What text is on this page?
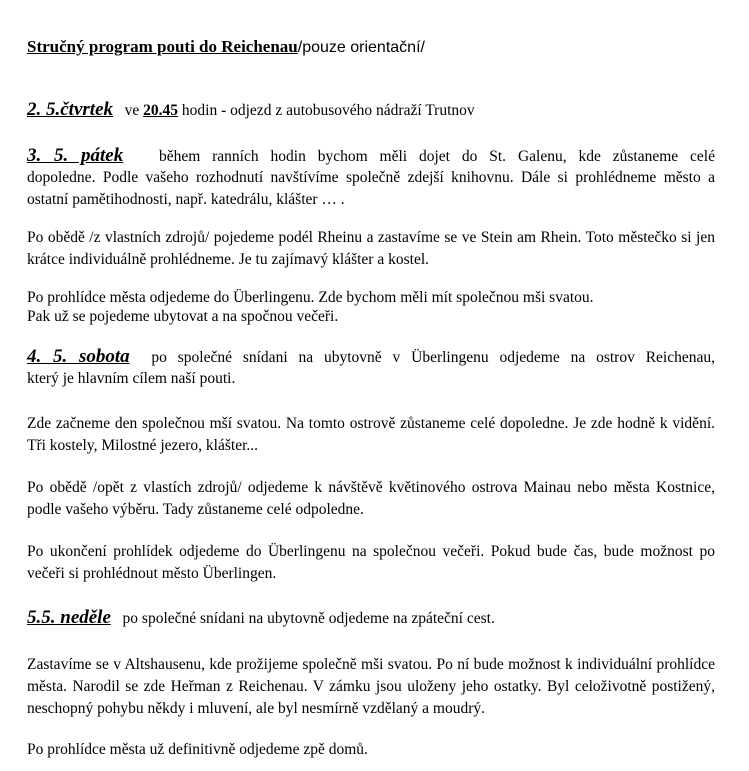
Stručný program pouti do Reichenau/pouze orientační/
2. 5.čtvrtek ve 20.45 hodin - odjezd z autobusového nádraží Trutnov
3. 5. pátek během ranních hodin bychom měli dojet do St. Galenu, kde zůstaneme celé
dopoledne. Podle vašeho rozhodnutí navštívíme společně zdejší knihovnu. Dále si prohlédneme město a ostatní pamětihodnosti, např. katedrálu, klášter … .
Po obědě /z vlastních zdrojů/ pojedeme podél Rheinu a zastavíme se ve Stein am Rhein. Toto městečko si jen krátce individuálně prohlédneme. Je tu zajímavý klášter a kostel.
Po prohlídce města odjedeme do Überlingenu. Zde bychom měli mít společnou mši svatou.
Pak už se pojedeme ubytovat a na spočnou večeři.
4. 5. sobota po společné snídani na ubytovně v Überlingenu odjedeme na ostrov Reichenau,
který je hlavním cílem naší pouti.
Zde začneme den společnou mší svatou. Na tomto ostrově zůstaneme celé dopoledne. Je zde hodně k vidění. Tři kostely, Milostné jezero, klášter...
Po obědě /opět z vlastích zdrojů/ odjedeme k návštěvě květinového ostrova Mainau nebo města Kostnice, podle vašeho výběru. Tady zůstaneme celé odpoledne.
Po ukončení prohlídek odjedeme do Überlingenu na společnou večeři. Pokud bude čas, bude možnost po večeři si prohlédnout město Überlingen.
5.5. neděle po společné snídani na ubytovně odjedeme na zpáteční cest.
Zastavíme se v Altshausenu, kde prožijeme společně mši svatou. Po ní bude možnost k individuální prohlídce města. Narodil se zde Heřman z Reichenau. V zámku jsou uloženy jeho ostatky. Byl celoživotně postižený, neschopný pohybu někdy i mluvení, ale byl nesmírně vzdělaný a moudrý.
Po prohlídce města už definitivně odjedeme zpě domů.
